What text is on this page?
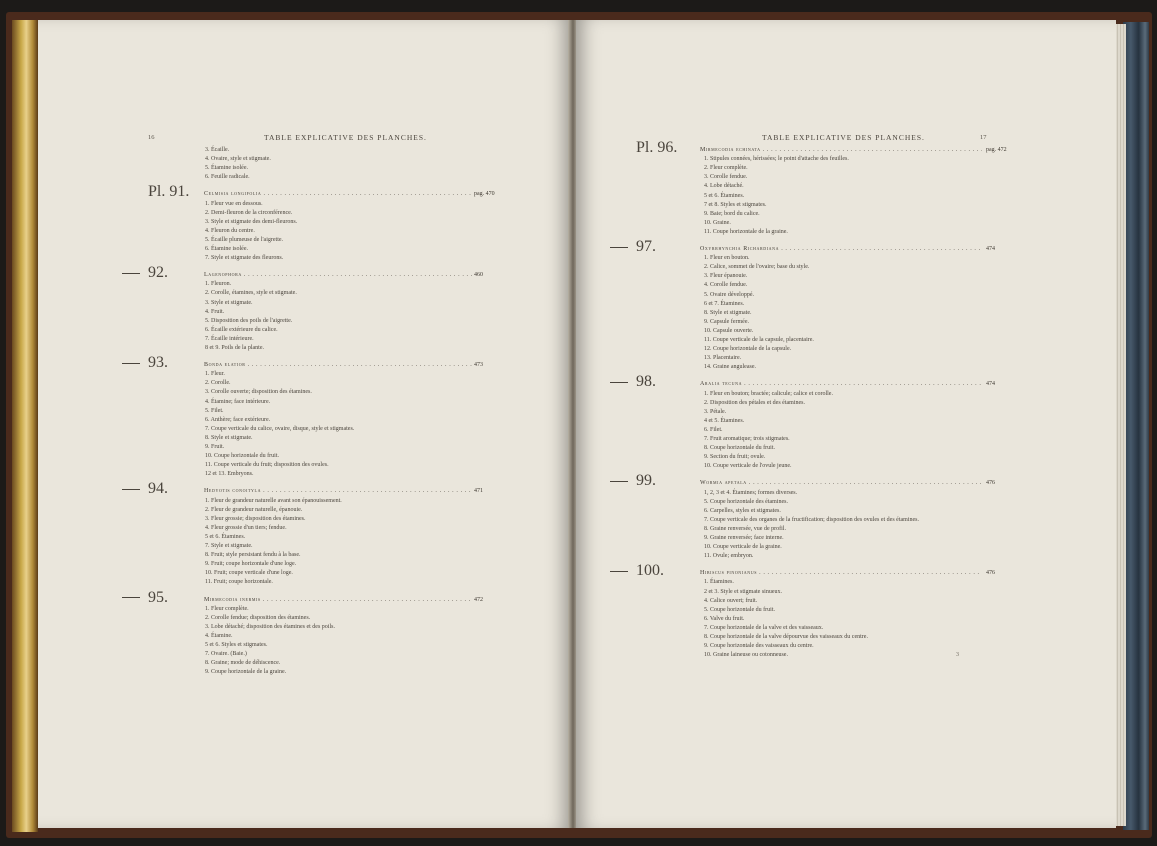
16	TABLE EXPLICATIVE DES PLANCHES.
3. Écaille.
4. Ovaire, style et stigmate.
5. Étamine isolée.
6. Feuille radicale.
Pl. 91. Celmisia longifolia . . .	pag. 470
1. Fleur vue en dessous.
2. Demi-fleuron de la circonférence.
3. Style et stigmate des demi-fleurons.
4. Fleuron du centre.
5. Écaille plumeuse de l'aigrette.
6. Étamine isolée.
7. Style et stigmate des fleurons.
92.	Lagenophora . . .	460
1. Fleuron.
2. Corolle, étamines, style et stigmate.
3. Style et stigmate.
4. Fruit.
5. Disposition des poils de l'aigrette.
6. Écaille extérieure du calice.
7. Écaille intérieure.
8 et 9. Poils de la plante.
93.	Bonda elatior . . .	473
1. Fleur.
2. Corolle.
3. Corolle ouverte; disposition des étamines.
4. Étamine; face intérieure.
5. Filet.
6. Anthère; face extérieure.
7. Coupe verticale du calice, ovaire, disque, style et stigmates.
8. Style et stigmate.
9. Fruit.
10. Coupe horizontale du fruit.
11. Coupe verticale du fruit; disposition des ovules.
12 et 13. Embryons.
94.	Hedyotis conoityla . . .	471
1. Fleur de grandeur naturelle avant son épanouissement.
2. Fleur de grandeur naturelle, épanouie.
3. Fleur grossie; disposition des étamines.
4. Fleur grossie d'un tiers; fendue.
5 et 6. Étamines.
7. Style et stigmate.
8. Fruit; style persistant fendu à la base.
9. Fruit; coupe horizontale d'une loge.
10. Fruit; coupe verticale d'une loge.
11. Fruit; coupe horizontale.
95.	Mirmecodia inermis . . .	472
1. Fleur complète.
2. Corolle fendue; disposition des étamines.
3. Lobe détaché; disposition des étamines et des poils.
4. Étamine.
5 et 6. Styles et stigmates.
7. Ovaire. (Baie.)
8. Graine; mode de déhiscence.
9. Coupe horizontale de la graine.
TABLE EXPLICATIVE DES PLANCHES.	17
Pl. 96.	Mirmecodia echinata . . .	pag. 472
1. Stipules connées, hérissées; le point d'attache des feuilles.
2. Fleur complète.
3. Corolle fendue.
4. Lobe détaché.
5 et 6. Étamines.
7 et 8. Styles et stigmates.
9. Baie; bord du calice.
10. Graine.
11. Coupe horizontale de la graine.
97.	Oxyrrhynchia Richardiana . . .	474
1. Fleur en bouton.
2. Calice, sommet de l'ovaire; base du style.
3. Fleur épanouie.
4. Corolle fendue.
5. Ovaire développé.
6 et 7. Étamines.
8. Style et stigmate.
9. Capsule fermée.
10. Capsule ouverte.
11. Coupe verticale de la capsule, placentaire.
12. Coupe horizontale de la capsule.
13. Placentaire.
14. Graine angulease.
98.	Aralia tecuna . . .	474
1. Fleur en bouton; bractée; calicule; calice et corolle.
2. Disposition des pétales et des étamines.
3. Pétale.
4 et 5. Étamines.
6. Filet.
7. Fruit aromatique; trois stigmates.
8. Coupe horizontale du fruit.
9. Section du fruit; ovule.
10. Coupe verticale de l'ovule jeune.
99.	Wormia apetala . . .	476
1, 2, 3 et 4. Étamines; formes diverses.
5. Coupe horizontale des étamines.
6. Carpelles, styles et stigmates.
7. Coupe verticale des organes de la fructification; disposition des ovules et des étamines.
8. Graine renversée, vue de profil.
9. Graine renversée; face interne.
10. Coupe verticale de la graine.
11. Ovule; embryon.
100.	Hibiscus pinonianus . . .	476
1. Étamines.
2 et 3. Style et stigmate sinueux.
4. Calice ouvert; fruit.
5. Coupe horizontale du fruit.
6. Valve du fruit.
7. Coupe horizontale de la valve et des vaisseaux.
8. Coupe horizontale de la valve dépourvue des vaisseaux du centre.
9. Coupe horizontale des vaisseaux du centre.
10. Graine laineuse ou cotonneuse.	3
